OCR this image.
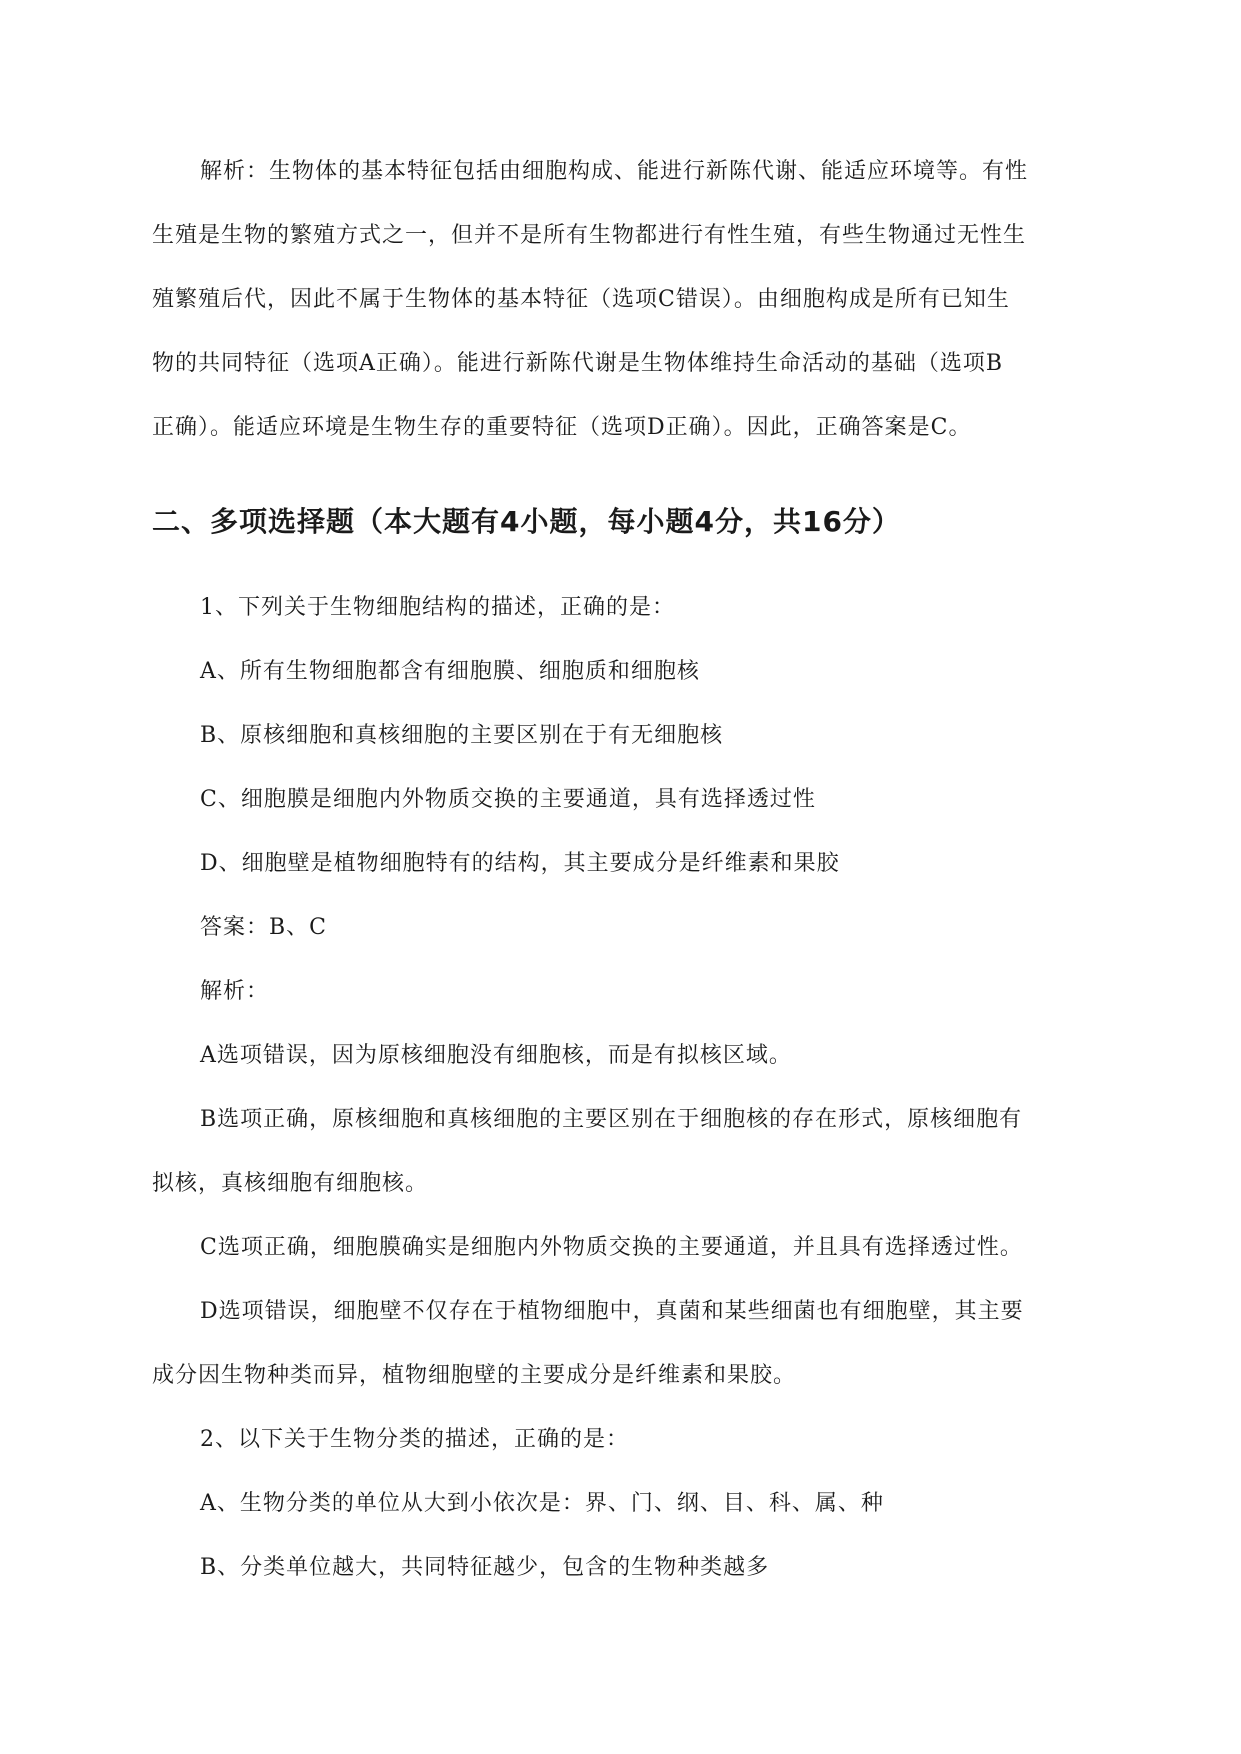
解析：生物体的基本特征包括由细胞构成、能进行新陈代谢、能适应环境等。有性

生殖是生物的繁殖方式之一，但并不是所有生物都进行有性生殖，有些生物通过无性生

殖繁殖后代，因此不属于生物体的基本特征（选项C错误）。由细胞构成是所有已知生

物的共同特征（选项A正确）。能进行新陈代谢是生物体维持生命活动的基础（选项B

正确）。能适应环境是生物生存的重要特征（选项D正确）。因此，正确答案是C。

二、多项选择题（本大题有4小题，每小题4分，共16分）

1、下列关于生物细胞结构的描述，正确的是：

A、所有生物细胞都含有细胞膜、细胞质和细胞核

B、原核细胞和真核细胞的主要区别在于有无细胞核

C、细胞膜是细胞内外物质交换的主要通道，具有选择透过性

D、细胞壁是植物细胞特有的结构，其主要成分是纤维素和果胶

答案：B、C

解析：

A选项错误，因为原核细胞没有细胞核，而是有拟核区域。

B选项正确，原核细胞和真核细胞的主要区别在于细胞核的存在形式，原核细胞有

拟核，真核细胞有细胞核。

C选项正确，细胞膜确实是细胞内外物质交换的主要通道，并且具有选择透过性。

D选项错误，细胞壁不仅存在于植物细胞中，真菌和某些细菌也有细胞壁，其主要

成分因生物种类而异，植物细胞壁的主要成分是纤维素和果胶。

2、以下关于生物分类的描述，正确的是：

A、生物分类的单位从大到小依次是：界、门、纲、目、科、属、种

B、分类单位越大，共同特征越少，包含的生物种类越多
